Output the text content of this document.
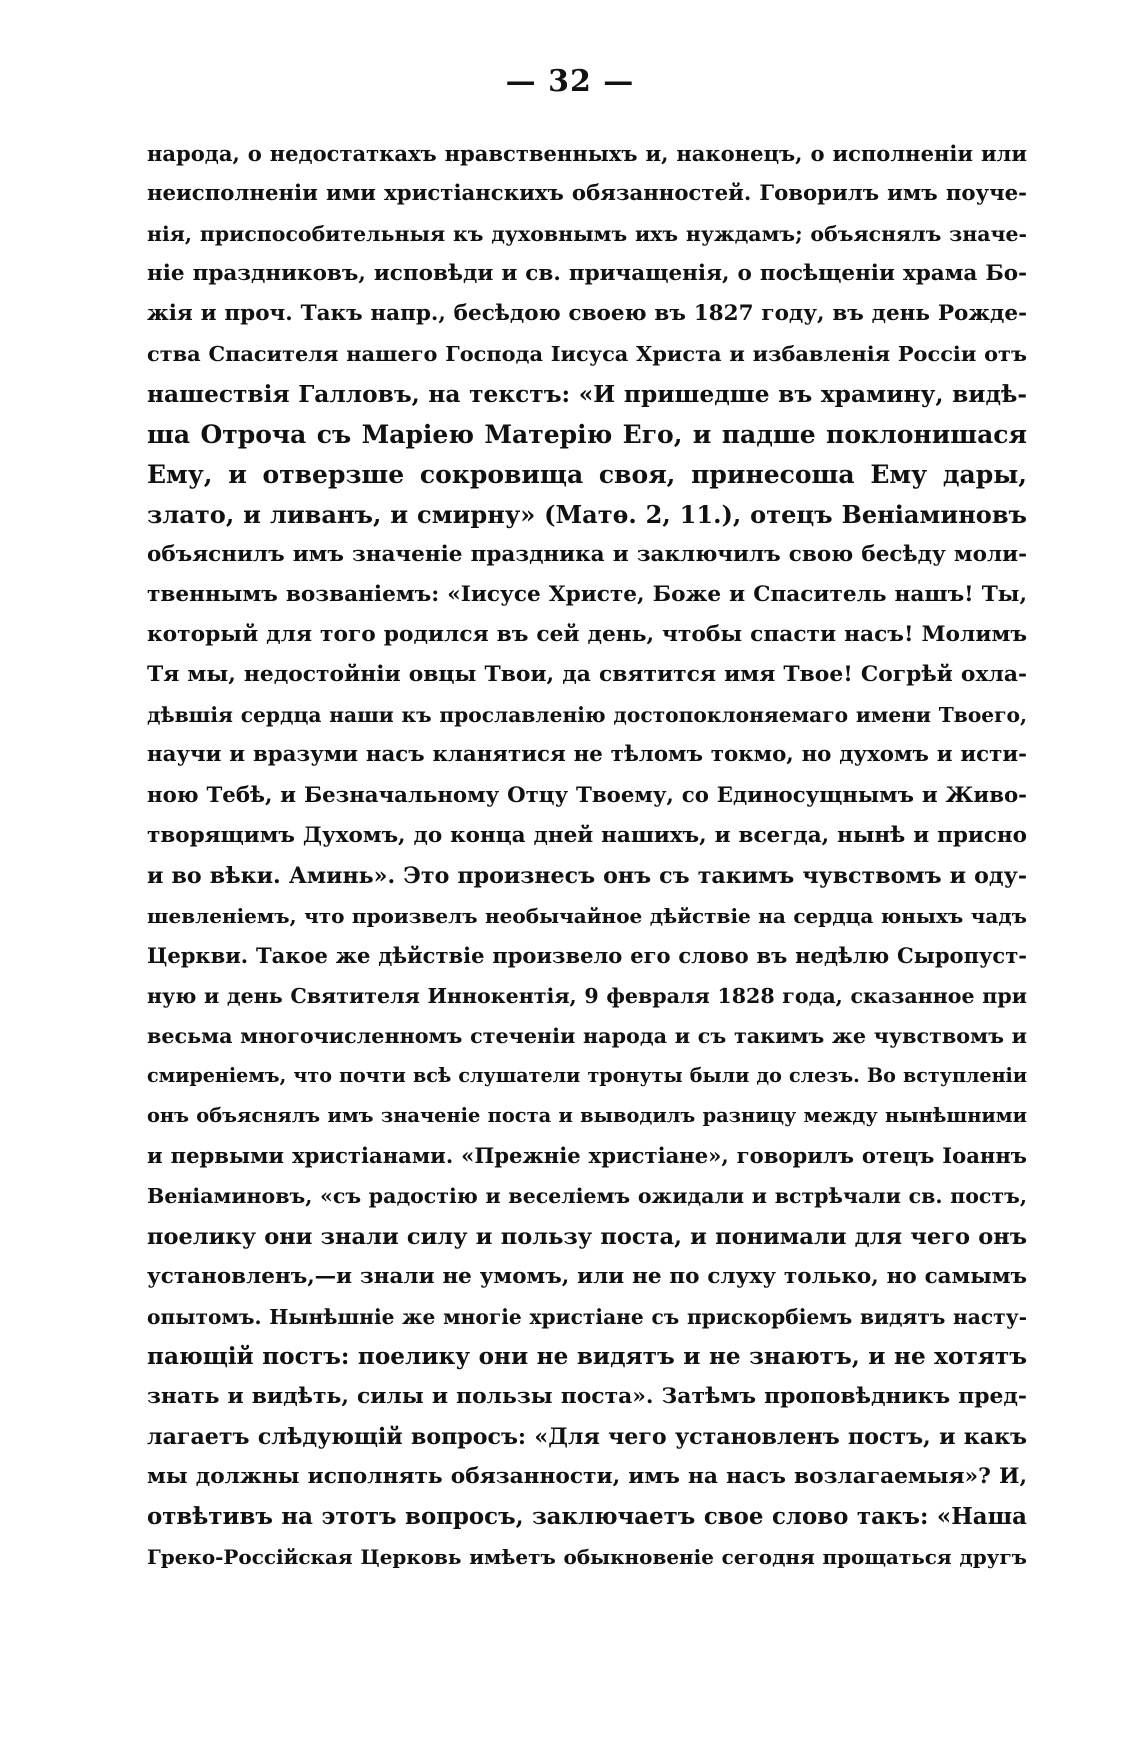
— 32 —
народа, о недостаткахъ нравственныхъ и, наконецъ, о исполненіи или
неисполненіи ими христіанскихъ обязанностей. Говорилъ имъ поуче-
нія, приспособительныя къ духовнымъ ихъ нуждамъ; объяснялъ значе-
ніе праздниковъ, исповѣди и св. причащенія, о посѣщеніи храма Бо-
жія и проч. Такъ напр., бесѣдою своею въ 1827 году, въ день Рожде-
ства Спасителя нашего Господа Іисуса Христа и избавленія Россіи отъ
нашествія Галловъ, на текстъ: «И пришедше въ храмину, видѣ-
ша Отроча съ Маріею Матерію Его, и падше поклонишася
Ему, и отверзше сокровища своя, принесоша Ему дары,
злато, и ливанъ, и смирну» (Матѳ. 2, 11.), отецъ Веніаминовъ
объяснилъ имъ значеніе праздника и заключилъ свою бесѣду моли-
твеннымъ возваніемъ: «Іисусе Христе, Боже и Спаситель нашъ! Ты,
который для того родился въ сей день, чтобы спасти насъ! Молимъ
Тя мы, недостойніи овцы Твои, да святится имя Твое! Согрѣй охла-
дѣвшія сердца наши къ прославленію достопоклоняемаго имени Твоего,
научи и вразуми насъ кланятися не тѣломъ токмо, но духомъ и исти-
ною Тебѣ, и Безначальному Отцу Твоему, со Единосущнымъ и Живо-
творящимъ Духомъ, до конца дней нашихъ, и всегда, нынѣ и присно
и во вѣки. Аминь». Это произнесъ онъ съ такимъ чувствомъ и оду-
шевленіемъ, что произвелъ необычайное дѣйствіе на сердца юныхъ чадъ
Церкви. Такое же дѣйствіе произвело его слово въ недѣлю Сыропуст-
ную и день Святителя Иннокентія, 9 февраля 1828 года, сказанное при
весьма многочисленномъ стеченіи народа и съ такимъ же чувствомъ и
смиреніемъ, что почти всѣ слушатели тронуты были до слезъ. Во вступленіи
онъ объяснялъ имъ значеніе поста и выводилъ разницу между нынѣшними
и первыми христіанами. «Прежніе христіане», говорилъ отецъ Іоаннъ
Веніаминовъ, «съ радостію и веселіемъ ожидали и встрѣчали св. постъ,
поелику они знали силу и пользу поста, и понимали для чего онъ
установленъ,—и знали не умомъ, или не по слуху только, но самымъ
опытомъ. Нынѣшніе же многіе христіане съ прискорбіемъ видятъ насту-
пающій постъ: поелику они не видятъ и не знаютъ, и не хотятъ
знать и видѣть, силы и пользы поста». Затѣмъ проповѣдникъ пред-
лагаетъ слѣдующій вопросъ: «Для чего установленъ постъ, и какъ
мы должны исполнять обязанности, имъ на насъ возлагаемыя»? И,
отвѣтивъ на этотъ вопросъ, заключаетъ свое слово такъ: «Наша
Греко-Россійская Церковь имѣетъ обыкновеніе сегодня прощаться другъ
